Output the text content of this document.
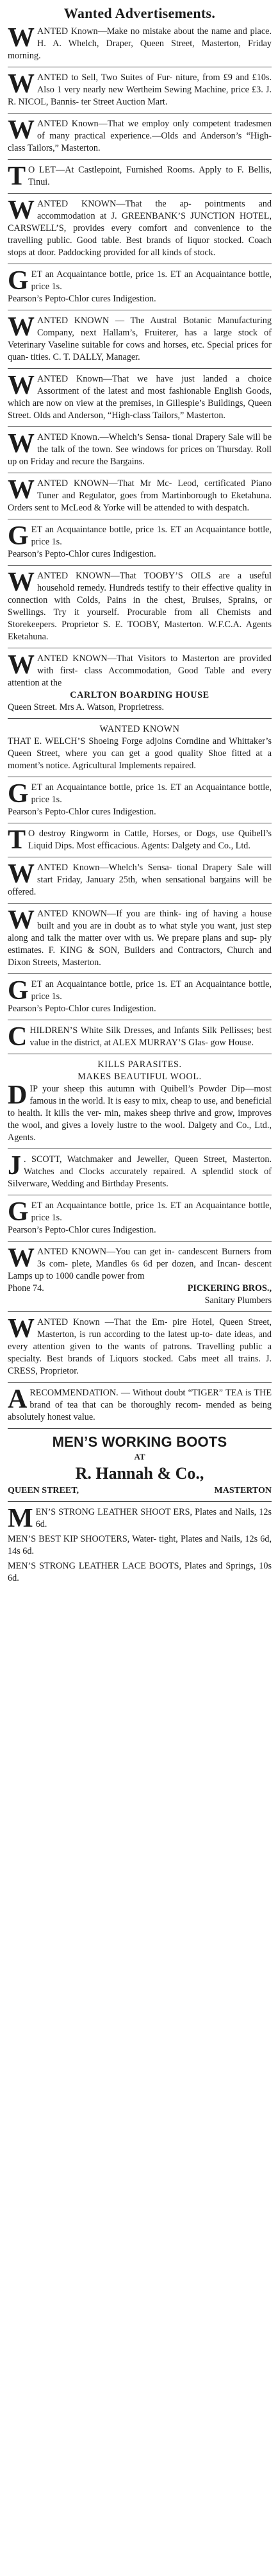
Wanted Advertisements.

WANTED Known—Make no mistake about the name and place. H. A. Whelch, Draper, Queen Street, Masterton, Friday morning.

WANTED to Sell, Two Suites of Fur- niture, from £9 and £10s. Also 1 very nearly new Wertheim Sewing Machine, price £3. J. R. NICOL, Bannis- ter Street Auction Mart.

WANTED Known—That we employ only competent tradesmen of many practical experience.—Olds and Anderson’s “High-class Tailors,” Masterton.

T O LET—At Castlepoint, Furnished Rooms. Apply to F. Bellis, Tinui.

WANTED KNOWN—That the ap- pointments and accommodation at J. GREENBANK’S JUNCTION HOTEL, CARSWELL’S, provides every comfort and convenience to the travelling public. Good table. Best brands of liquor stocked. Coach stops at door. Paddocking provided for all kinds of stock.

GET an Acquaintance bottle, price 1s. ET an Acquaintance bottle, price 1s.

Pearson’s Pepto-Chlor cures Indigestion.

WANTED KNOWN — The Austral Botanic Manufacturing Company, next Hallam’s, Fruiterer, has a large stock of Veterinary Vaseline suitable for cows and horses, etc. Special prices for quan- tities. C. T. DALLY, Manager.

WANTED Known—That we have just landed a choice Assortment of the latest and most fashionable English Goods, which are now on view at the premises, in Gillespie’s Buildings, Queen Street. Olds and Anderson, “High-class Tailors,” Masterton.

WANTED Known.—Whelch’s Sensa- tional Drapery Sale will be the talk of the town. See windows for prices on Thursday. Roll up on Friday and recure the Bargains.

WANTED KNOWN—That Mr Mc- Leod, certificated Piano Tuner and Regulator, goes from Martinborough to Eketahuna. Orders sent to McLeod & Yorke will be attended to with despatch.

GET an Acquaintance bottle, price 1s. ET an Acquaintance bottle, price 1s.

Pearson’s Pepto-Chlor cures Indigestion.

WANTED KNOWN—That TOOBY’S OILS are a useful household remedy. Hundreds testify to their effective quality in connection with Colds, Pains in the chest, Bruises, Sprains, or Swellings. Try it yourself. Procurable from all Chemists and Storekeepers. Proprietor S. E. TOOBY, Masterton. W.F.C.A. Agents Eketahuna.

WANTED KNOWN—That Visitors to Masterton are provided with first- class Accommodation, Good Table and every attention at the

CARLTON BOARDING HOUSE

Queen Street. Mrs A. Watson, Proprietress.

WANTED KNOWN

THAT E. WELCH’S Shoeing Forge adjoins Corndine and Whittaker’s Queen Street, where you can get a good quality Shoe fitted at a moment’s notice. Agricultural Implements repaired.

GET an Acquaintance bottle, price 1s. ET an Acquaintance bottle, price 1s.

Pearson’s Pepto-Chlor cures Indigestion.

T O destroy Ringworm in Cattle, Horses, or Dogs, use Quibell’s Liquid Dips. Most efficacious. Agents: Dalgety and Co., Ltd.

WANTED Known—Whelch’s Sensa- tional Drapery Sale will start Friday, January 25th, when sensational bargains will be offered.

WANTED KNOWN—If you are think- ing of having a house built and you are in doubt as to what style you want, just step along and talk the matter over with us. We prepare plans and sup- ply estimates. F. KING & SON, Builders and Contractors, Church and Dixon Streets, Masterton.

GET an Acquaintance bottle, price 1s. ET an Acquaintance bottle, price 1s.

Pearson’s Pepto-Chlor cures Indigestion.

CHILDREN’S White Silk Dresses, and Infants Silk Pellisses; best value in the district, at ALEX MURRAY’S Glas- gow House.

KILLS PARASITES.

MAKES BEAUTIFUL WOOL.

DIP your sheep this autumn with Quibell’s Powder Dip—most famous in the world. It is easy to mix, cheap to use, and beneficial to health. It kills the ver- min, makes sheep thrive and grow, improves the wool, and gives a lovely lustre to the wool. Dalgety and Co., Ltd., Agents.

J . SCOTT, Watchmaker and Jeweller, Queen Street, Masterton. Watches and Clocks accurately repaired. A splendid stock of Silverware, Wedding and Birthday Presents.

GET an Acquaintance bottle, price 1s. ET an Acquaintance bottle, price 1s.

Pearson’s Pepto-Chlor cures Indigestion.

WANTED KNOWN—You can get in- candescent Burners from 3s com- plete, Mandles 6s 6d per dozen, and Incan- descent Lamps up to 1000 candle power from

Phone 74.	PICKERING BROS.,

Sanitary Plumbers

WANTED Known —That the Em- pire Hotel, Queen Street, Masterton, is run according to the latest up-to- date ideas, and every attention given to the wants of patrons. Travelling public a specialty. Best brands of Liquors stocked. Cabs meet all trains. J. CRESS, Proprietor.

A RECOMMENDATION. — Without doubt “TIGER” TEA is THE brand of tea that can be thoroughly recom- mended as being absolutely honest value.

MEN’S WORKING BOOTS
AT
R. Hannah & Co.,
QUEEN STREET,	MASTERTON

MEN’S STRONG LEATHER SHOOT ERS, Plates and Nails, 12s 6d.

MEN’S BEST KIP SHOOTERS, Water- tight, Plates and Nails, 12s 6d, 14s 6d.

MEN’S STRONG LEATHER LACE BOOTS, Plates and Springs, 10s 6d.
